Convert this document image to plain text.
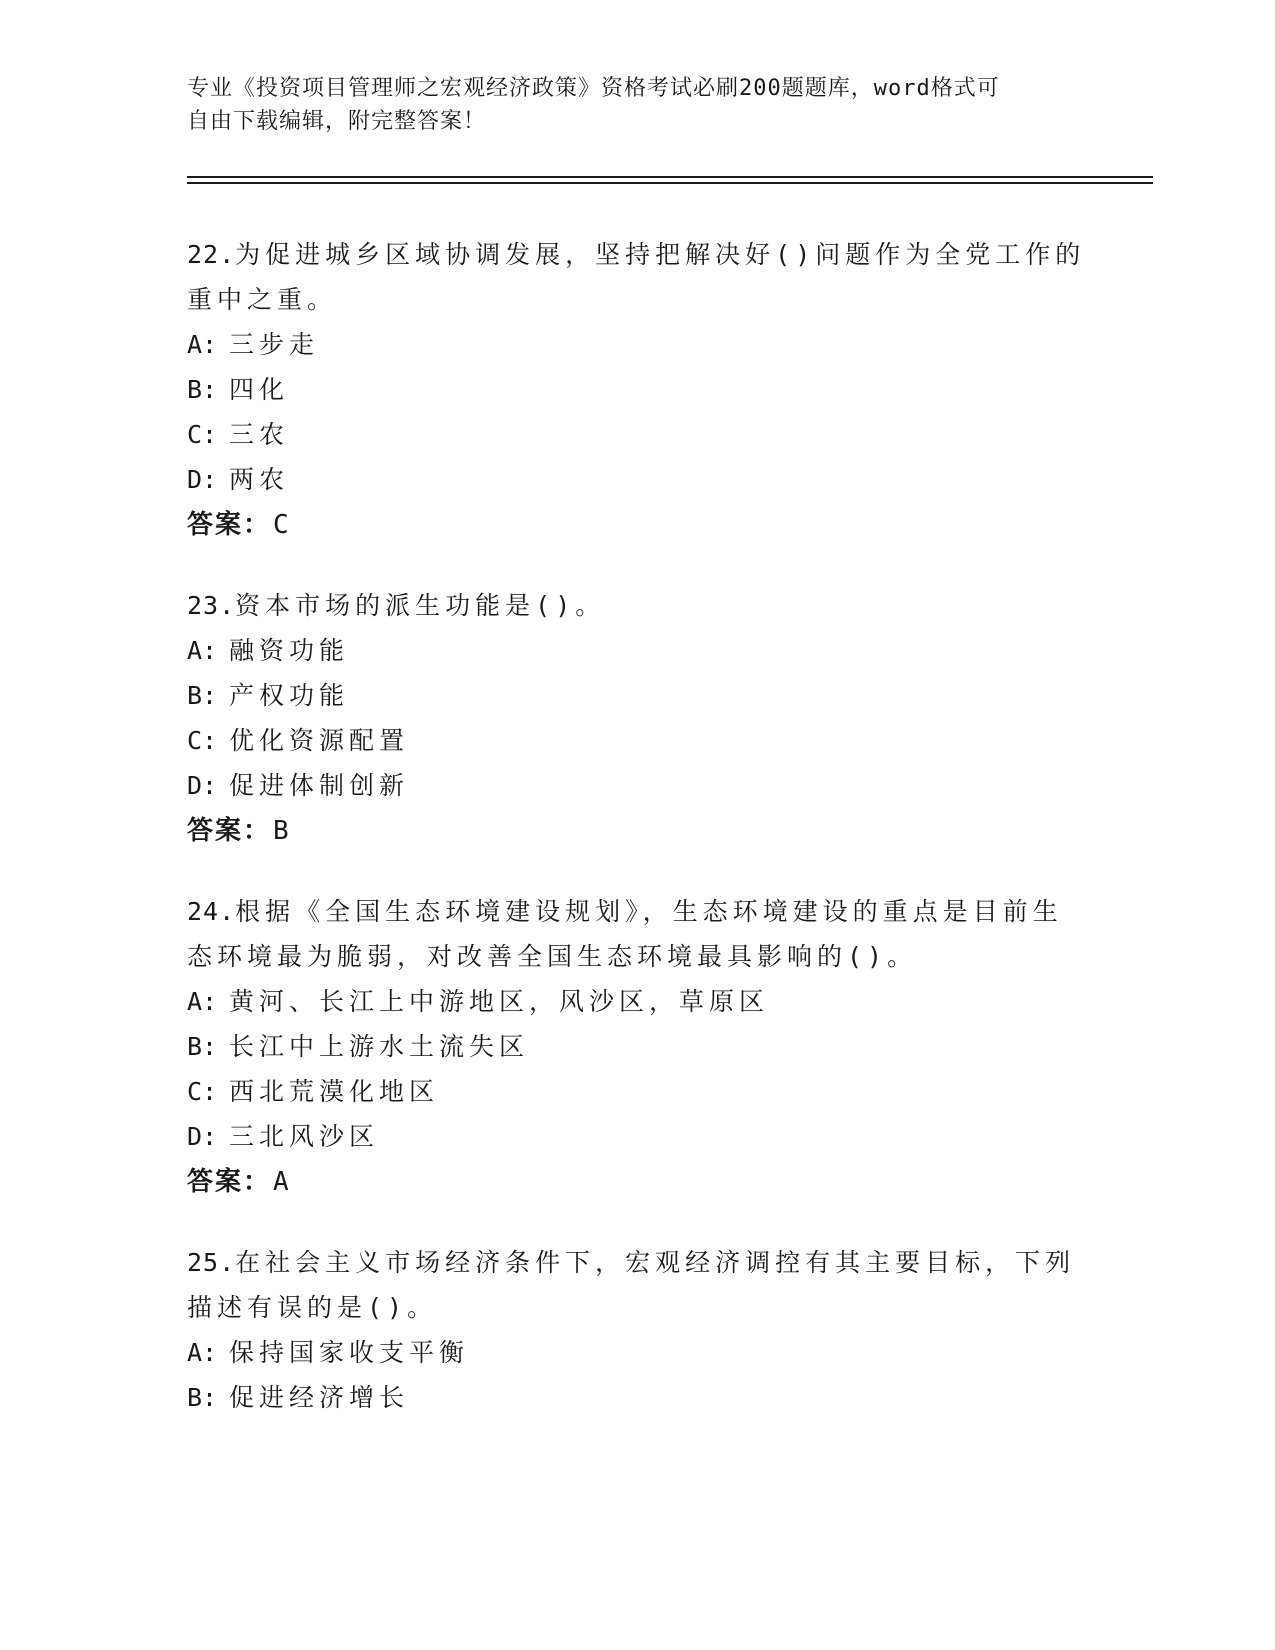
专业《投资项目管理师之宏观经济政策》资格考试必刷200题题库，word格式可
自由下载编辑，附完整答案！
22.为促进城乡区域协调发展，坚持把解决好()问题作为全党工作的重中之重。
A: 三步走
B: 四化
C: 三农
D: 两农
答案：C
23.资本市场的派生功能是()。
A: 融资功能
B: 产权功能
C: 优化资源配置
D: 促进体制创新
答案：B
24.根据《全国生态环境建设规划》，生态环境建设的重点是目前生态环境最为脆弱，对改善全国生态环境最具影响的()。
A: 黄河、长江上中游地区，风沙区，草原区
B: 长江中上游水土流失区
C: 西北荒漠化地区
D: 三北风沙区
答案：A
25.在社会主义市场经济条件下，宏观经济调控有其主要目标，下列描述有误的是()。
A: 保持国家收支平衡
B: 促进经济增长
